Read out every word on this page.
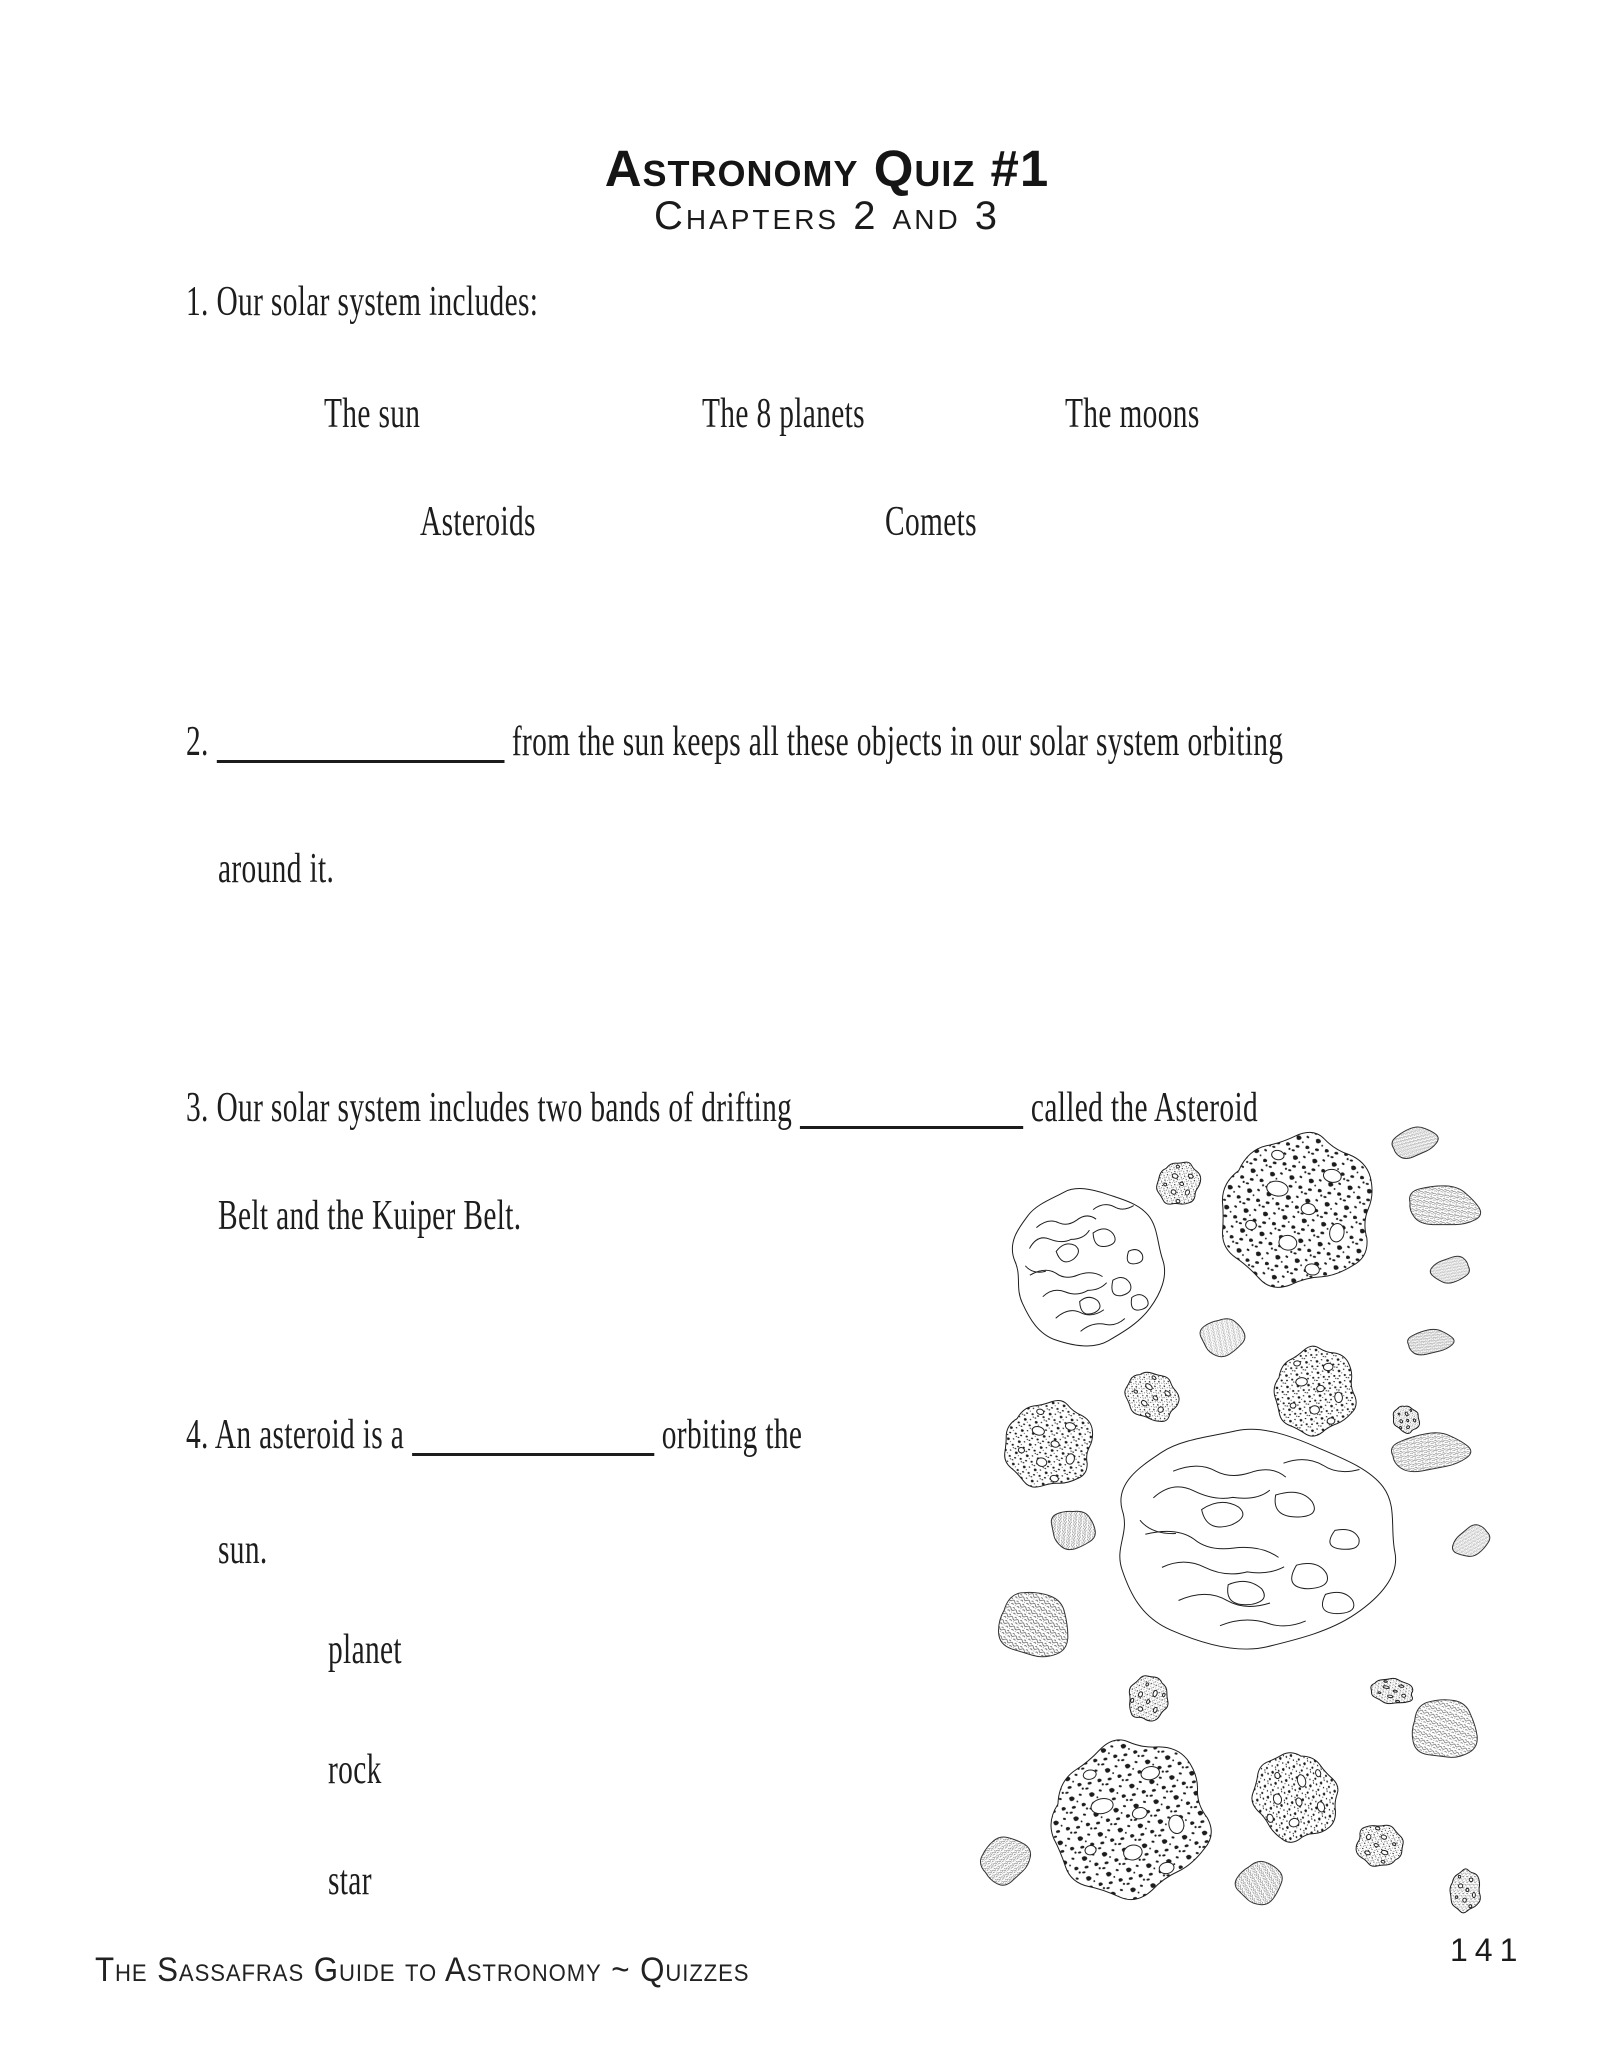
Astronomy Quiz #1
Chapters 2 and 3
1. Our solar system includes:
The sun	The 8 planets	The moons
Asteroids	Comets
2.	from the sun keeps all these objects in our solar system orbiting
around it.
3. Our solar system includes two bands of drifting	called the Asteroid
Belt and the Kuiper Belt.
4. An asteroid is a	orbiting the
sun.
planet
rock
star
The Sassafras Guide to Astronomy ~ Quizzes
141
